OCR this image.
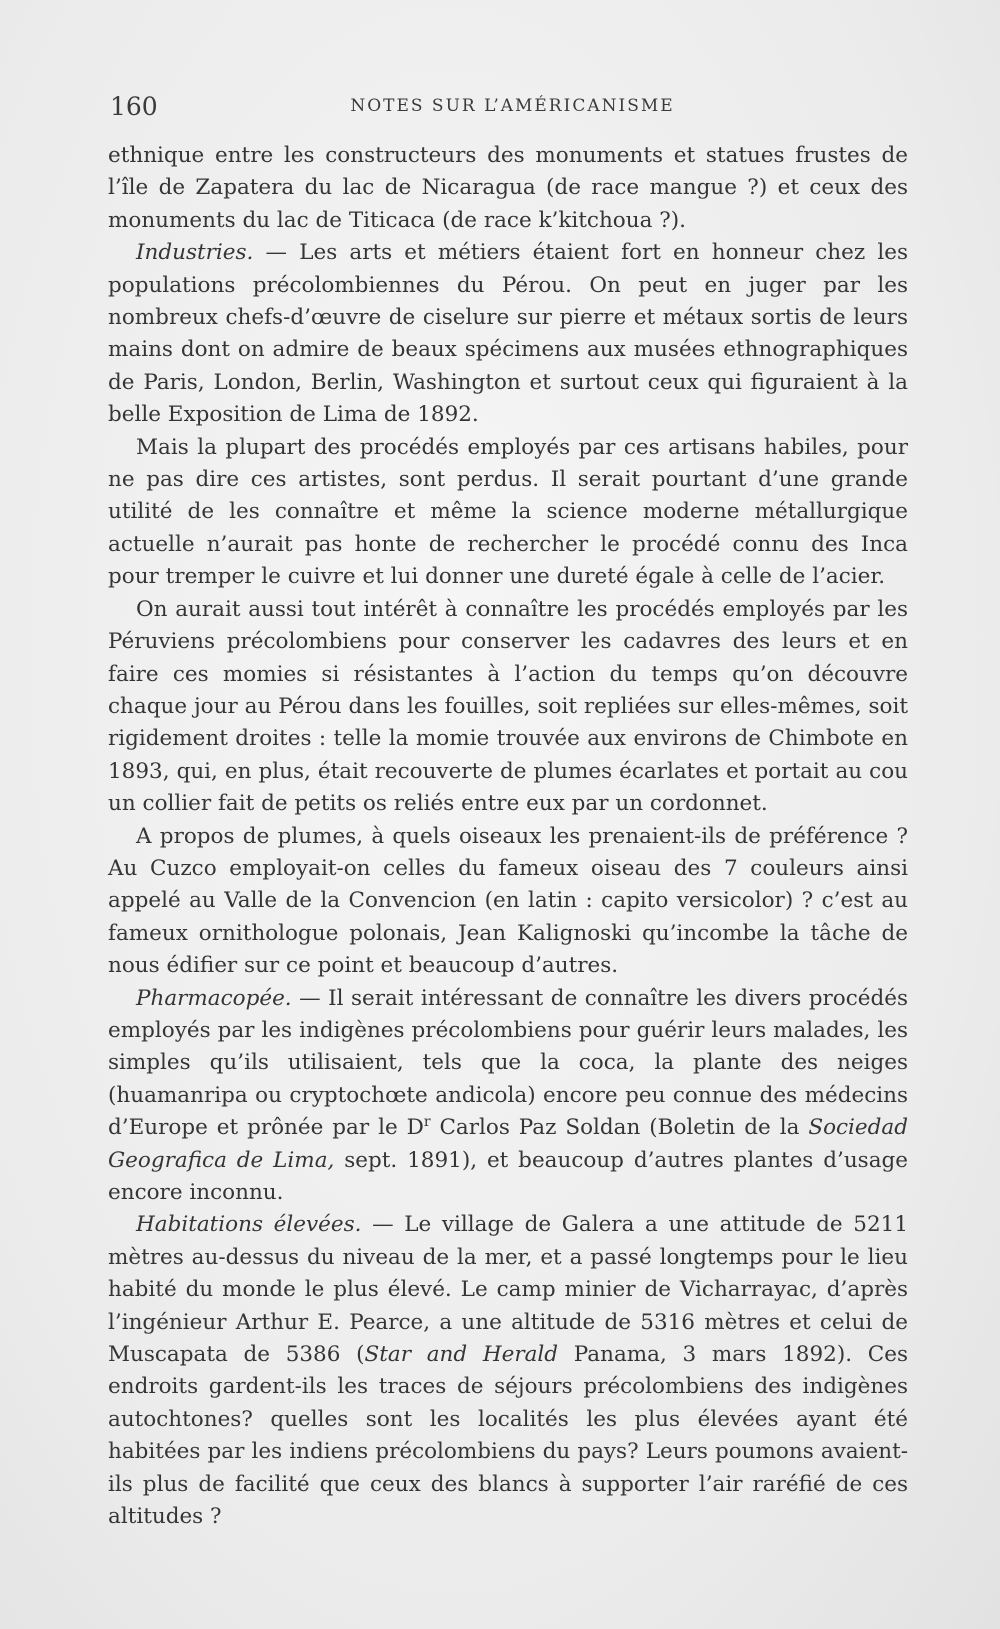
160	NOTES SUR L’AMÉRICANISME

ethnique entre les constructeurs des monuments et statues frustes de l’île de Zapatera du lac de Nicaragua (de race mangue ?) et ceux des monuments du lac de Titicaca (de race k’kitchoua ?).

Industries. — Les arts et métiers étaient fort en honneur chez les populations précolombiennes du Pérou. On peut en juger par les nombreux chefs-d’œuvre de ciselure sur pierre et métaux sortis de leurs mains dont on admire de beaux spécimens aux musées ethnographiques de Paris, London, Berlin, Washington et surtout ceux qui figuraient à la belle Exposition de Lima de 1892.

Mais la plupart des procédés employés par ces artisans habiles, pour ne pas dire ces artistes, sont perdus. Il serait pourtant d’une grande utilité de les connaître et même la science moderne métallurgique actuelle n’aurait pas honte de rechercher le procédé connu des Inca pour tremper le cuivre et lui donner une dureté égale à celle de l’acier.

On aurait aussi tout intérêt à connaître les procédés employés par les Péruviens précolombiens pour conserver les cadavres des leurs et en faire ces momies si résistantes à l’action du temps qu’on découvre chaque jour au Pérou dans les fouilles, soit repliées sur elles-mêmes, soit rigidement droites : telle la momie trouvée aux environs de Chimbote en 1893, qui, en plus, était recouverte de plumes écarlates et portait au cou un collier fait de petits os reliés entre eux par un cordonnet.

A propos de plumes, à quels oiseaux les prenaient-ils de préférence ? Au Cuzco employait-on celles du fameux oiseau des 7 couleurs ainsi appelé au Valle de la Convencion (en latin : capito versicolor) ? c’est au fameux ornithologue polonais, Jean Kalignoski qu’incombe la tâche de nous édifier sur ce point et beaucoup d’autres.

Pharmacopée. — Il serait intéressant de connaître les divers procédés employés par les indigènes précolombiens pour guérir leurs malades, les simples qu’ils utilisaient, tels que la coca, la plante des neiges (huamanripa ou cryptochœte andicola) encore peu connue des médecins d’Europe et prônée par le $D^r$ Carlos Paz Soldan (Boletin de la Sociedad Geografica de Lima, sept. 1891), et beaucoup d’autres plantes d’usage encore inconnu.

Habitations élevées. — Le village de Galera a une attitude de 5211 mètres au-dessus du niveau de la mer, et a passé longtemps pour le lieu habité du monde le plus élevé. Le camp minier de Vicharrayac, d’après l’ingénieur Arthur E. Pearce, a une altitude de 5316 mètres et celui de Muscapata de 5386 (Star and Herald Panama, 3 mars 1892). Ces endroits gardent-ils les traces de séjours précolombiens des indigènes autochtones? quelles sont les localités les plus élevées ayant été habitées par les indiens précolombiens du pays? Leurs poumons avaient-ils plus de facilité que ceux des blancs à supporter l’air raréfié de ces altitudes ?
